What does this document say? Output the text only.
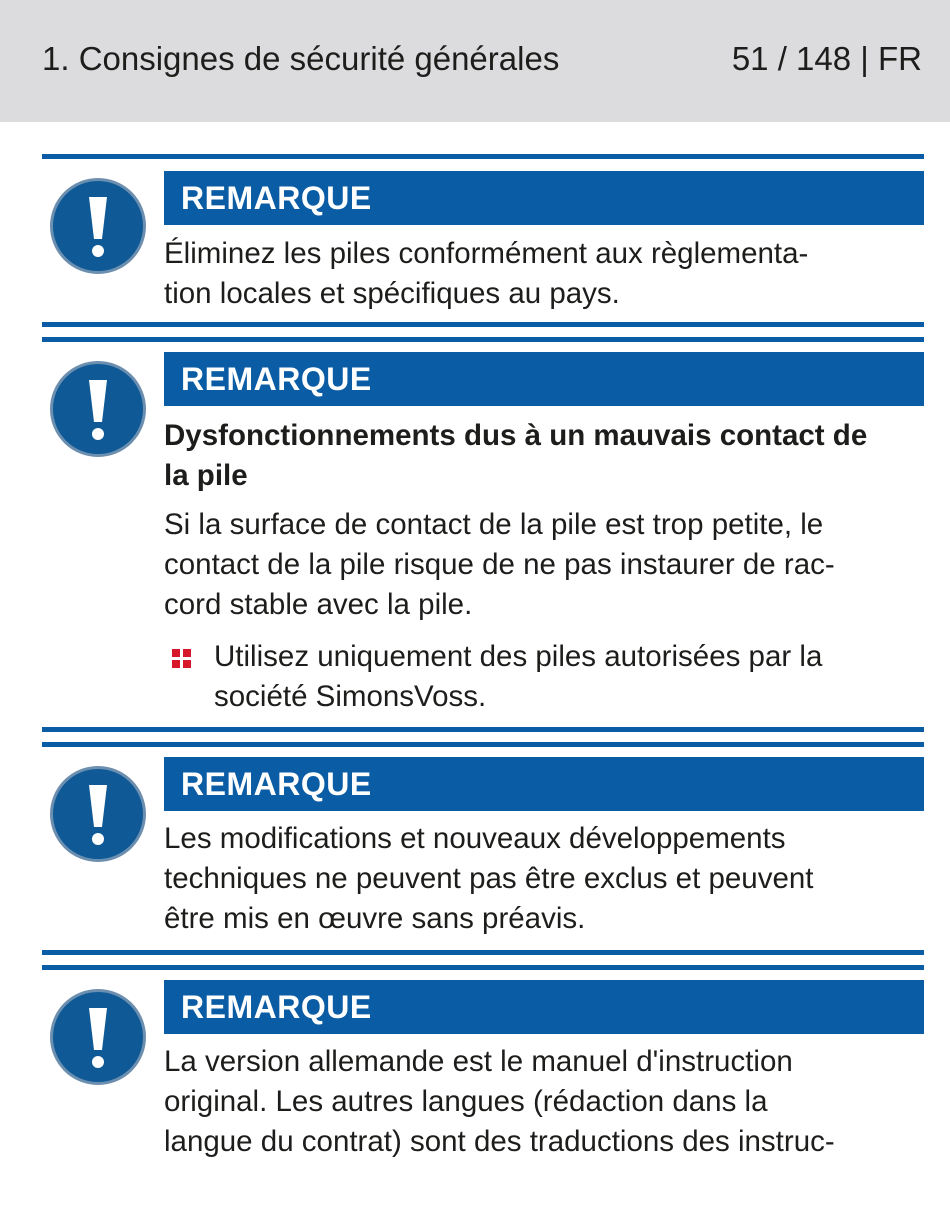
1. Consignes de sécurité générales	51 / 148 | FR
REMARQUE
Éliminez les piles conformément aux règlementa-
tion locales et spécifiques au pays.
REMARQUE
Dysfonctionnements dus à un mauvais contact de
la pile
Si la surface de contact de la pile est trop petite, le
contact de la pile risque de ne pas instaurer de rac-
cord stable avec la pile.
Utilisez uniquement des piles autorisées par la
société SimonsVoss.
REMARQUE
Les modifications et nouveaux développements
techniques ne peuvent pas être exclus et peuvent
être mis en œuvre sans préavis.
REMARQUE
La version allemande est le manuel d'instruction
original. Les autres langues (rédaction dans la
langue du contrat) sont des traductions des instruc-
